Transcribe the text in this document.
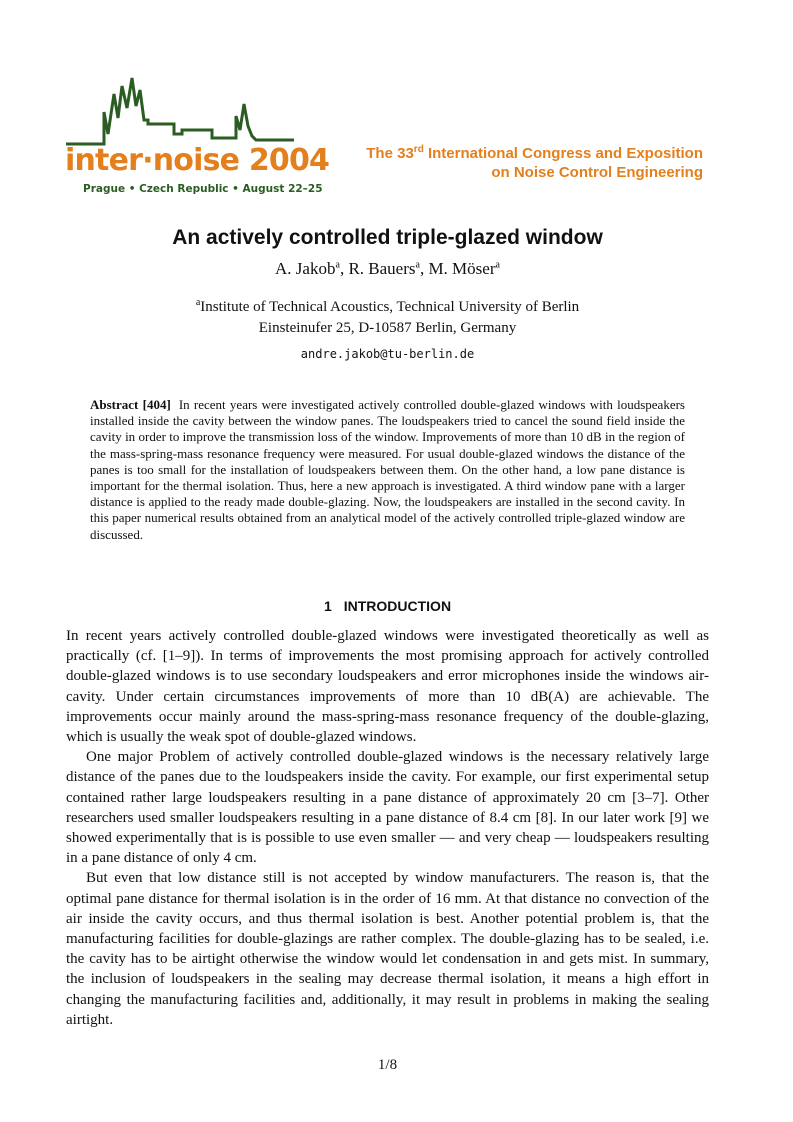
inter·noise 2004
Prague • Czech Republic • August 22–25
The 33rd International Congress and Exposition
on Noise Control Engineering
An actively controlled triple-glazed window
A. Jakob$^a$, R. Bauers$^a$, M. Möser$^a$
$^a$Institute of Technical Acoustics, Technical University of Berlin
Einsteinufer 25, D-10587 Berlin, Germany
andre.jakob@tu-berlin.de

Abstract [404] In recent years were investigated actively controlled double-glazed windows with loudspeakers installed inside the cavity between the window panes. The loudspeakers tried to cancel the sound field inside the cavity in order to improve the transmission loss of the window. Improvements of more than 10 dB in the region of the mass-spring-mass resonance frequency were measured. For usual double-glazed windows the distance of the panes is too small for the installation of loudspeakers between them. On the other hand, a low pane distance is important for the thermal isolation. Thus, here a new approach is investigated. A third window pane with a larger distance is applied to the ready made double-glazing. Now, the loudspeakers are installed in the second cavity. In this paper numerical results obtained from an analytical model of the actively controlled triple-glazed window are discussed.

1 INTRODUCTION

In recent years actively controlled double-glazed windows were investigated theoretically as well as practically (cf. [1–9]). In terms of improvements the most promising approach for actively controlled double-glazed windows is to use secondary loudspeakers and error microphones inside the windows air-cavity. Under certain circumstances improvements of more than 10 dB(A) are achievable. The improvements occur mainly around the mass-spring-mass resonance frequency of the double-glazing, which is usually the weak spot of double-glazed windows.

One major Problem of actively controlled double-glazed windows is the necessary relatively large distance of the panes due to the loudspeakers inside the cavity. For example, our first experimental setup contained rather large loudspeakers resulting in a pane distance of approximately 20 cm [3–7]. Other researchers used smaller loudspeakers resulting in a pane distance of 8.4 cm [8]. In our later work [9] we showed experimentally that is is possible to use even smaller — and very cheap — loudspeakers resulting in a pane distance of only 4 cm.

But even that low distance still is not accepted by window manufacturers. The reason is, that the optimal pane distance for thermal isolation is in the order of 16 mm. At that distance no convection of the air inside the cavity occurs, and thus thermal isolation is best. Another potential problem is, that the manufacturing facilities for double-glazings are rather complex. The double-glazing has to be sealed, i.e. the cavity has to be airtight otherwise the window would let condensation in and gets mist. In summary, the inclusion of loudspeakers in the sealing may decrease thermal isolation, it means a high effort in changing the manufacturing facilities and, additionally, it may result in problems in making the sealing airtight.

1/8
